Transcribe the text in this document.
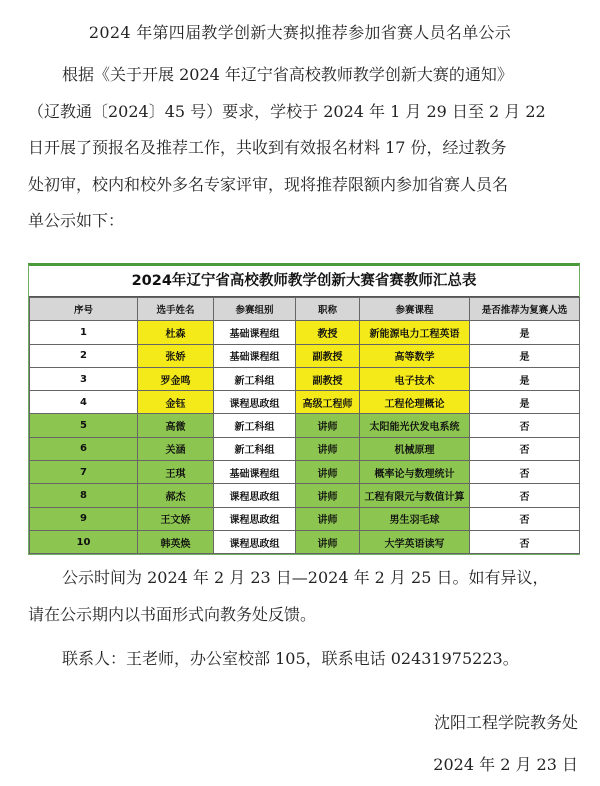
2024 年第四届教学创新大赛拟推荐参加省赛人员名单公示
根据《关于开展 2024 年辽宁省高校教师教学创新大赛的通知》
（辽教通〔2024〕45 号）要求，学校于 2024 年 1 月 29 日至 2 月 22
日开展了预报名及推荐工作，共收到有效报名材料 17 份，经过教务
处初审，校内和校外多名专家评审，现将推荐限额内参加省赛人员名
单公示如下：
2024年辽宁省高校教师教学创新大赛省赛教师汇总表
序号	选手姓名	参赛组别	职称	参赛课程	是否推荐为复赛人选
1	杜森	基础课程组	教授	新能源电力工程英语	是
2	张娇	基础课程组	副教授	高等数学	是
3	罗金鸣	新工科组	副教授	电子技术	是
4	金钰	课程思政组	高级工程师	工程伦理概论	是
5	高微	新工科组	讲师	太阳能光伏发电系统	否
6	关涵	新工科组	讲师	机械原理	否
7	王琪	基础课程组	讲师	概率论与数理统计	否
8	郝杰	课程思政组	讲师	工程有限元与数值计算	否
9	王文娇	课程思政组	讲师	男生羽毛球	否
10	韩英焕	课程思政组	讲师	大学英语读写	否
公示时间为 2024 年 2 月 23 日—2024 年 2 月 25 日。如有异议，
请在公示期内以书面形式向教务处反馈。
联系人：王老师，办公室校部 105，联系电话 02431975223。
沈阳工程学院教务处
2024 年 2 月 23 日
